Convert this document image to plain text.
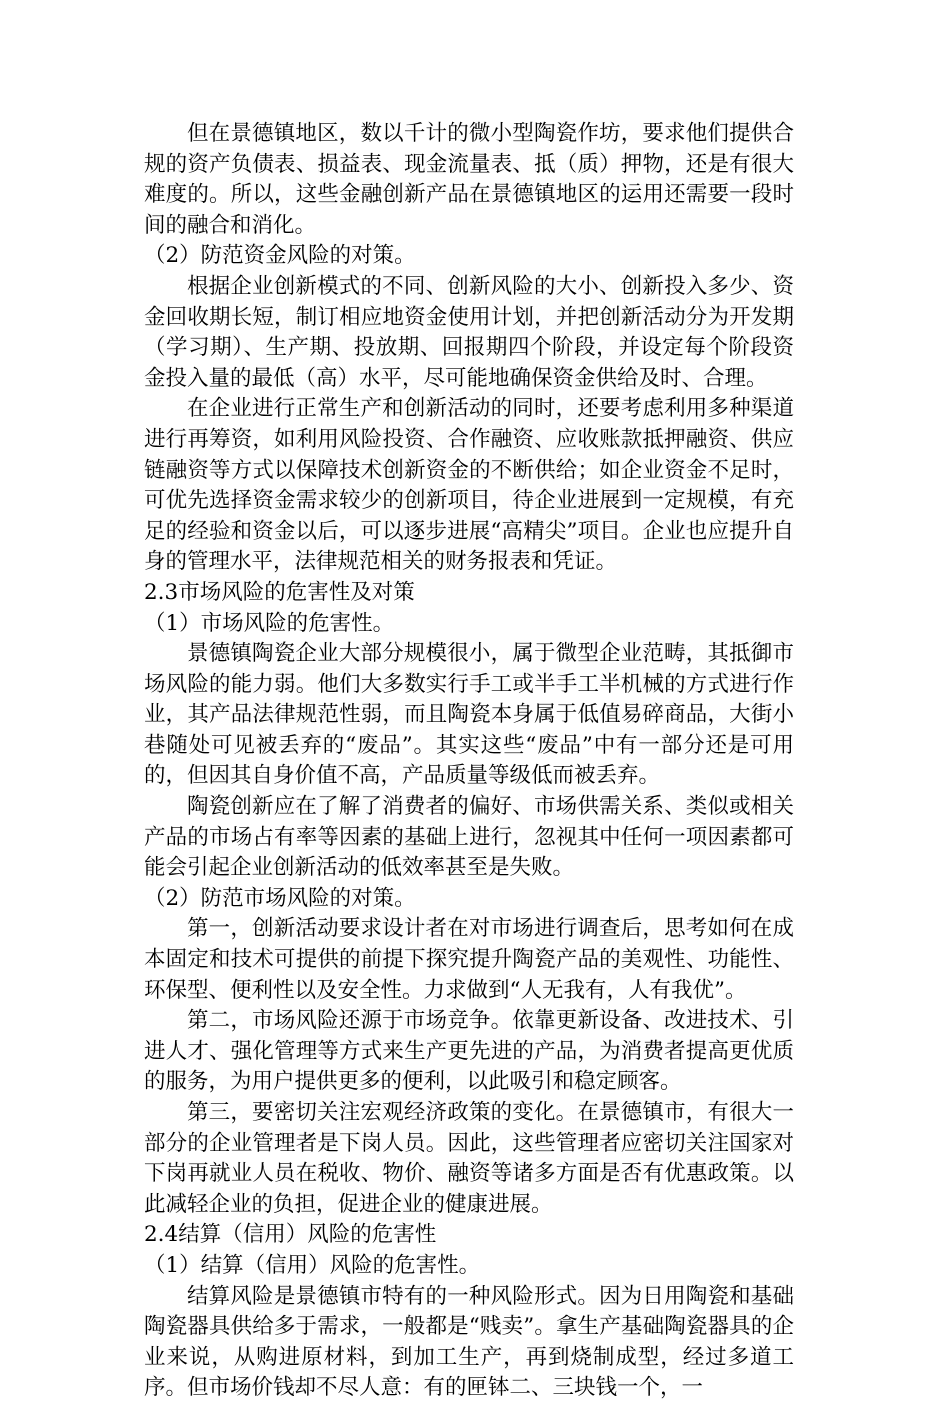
但在景德镇地区，数以千计的微小型陶瓷作坊，要求他们提供合规的资产负债表、损益表、现金流量表、抵（质）押物，还是有很大难度的。所以，这些金融创新产品在景德镇地区的运用还需要一段时间的融合和消化。

（2）防范资金风险的对策。

根据企业创新模式的不同、创新风险的大小、创新投入多少、资金回收期长短，制订相应地资金使用计划，并把创新活动分为开发期（学习期）、生产期、投放期、回报期四个阶段，并设定每个阶段资金投入量的最低（高）水平，尽可能地确保资金供给及时、合理。

在企业进行正常生产和创新活动的同时，还要考虑利用多种渠道进行再筹资，如利用风险投资、合作融资、应收账款抵押融资、供应链融资等方式以保障技术创新资金的不断供给；如企业资金不足时，可优先选择资金需求较少的创新项目，待企业进展到一定规模，有充足的经验和资金以后，可以逐步进展“高精尖”项目。企业也应提升自身的管理水平，法律规范相关的财务报表和凭证。

2.3市场风险的危害性及对策

（1）市场风险的危害性。

景德镇陶瓷企业大部分规模很小，属于微型企业范畴，其抵御市场风险的能力弱。他们大多数实行手工或半手工半机械的方式进行作业，其产品法律规范性弱，而且陶瓷本身属于低值易碎商品，大街小巷随处可见被丢弃的“废品”。其实这些“废品”中有一部分还是可用的，但因其自身价值不高，产品质量等级低而被丢弃。

陶瓷创新应在了解了消费者的偏好、市场供需关系、类似或相关产品的市场占有率等因素的基础上进行，忽视其中任何一项因素都可能会引起企业创新活动的低效率甚至是失败。

（2）防范市场风险的对策。

第一，创新活动要求设计者在对市场进行调查后，思考如何在成本固定和技术可提供的前提下探究提升陶瓷产品的美观性、功能性、环保型、便利性以及安全性。力求做到“人无我有，人有我优”。

第二，市场风险还源于市场竞争。依靠更新设备、改进技术、引进人才、强化管理等方式来生产更先进的产品，为消费者提高更优质的服务，为用户提供更多的便利，以此吸引和稳定顾客。

第三，要密切关注宏观经济政策的变化。在景德镇市，有很大一部分的企业管理者是下岗人员。因此，这些管理者应密切关注国家对下岗再就业人员在税收、物价、融资等诸多方面是否有优惠政策。以此减轻企业的负担，促进企业的健康进展。

2.4结算（信用）风险的危害性

（1）结算（信用）风险的危害性。

结算风险是景德镇市特有的一种风险形式。因为日用陶瓷和基础陶瓷器具供给多于需求，一般都是“贱卖”。拿生产基础陶瓷器具的企业来说，从购进原材料，到加工生产，再到烧制成型，经过多道工序。但市场价钱却不尽人意：有的匣钵二、三块钱一个，一
